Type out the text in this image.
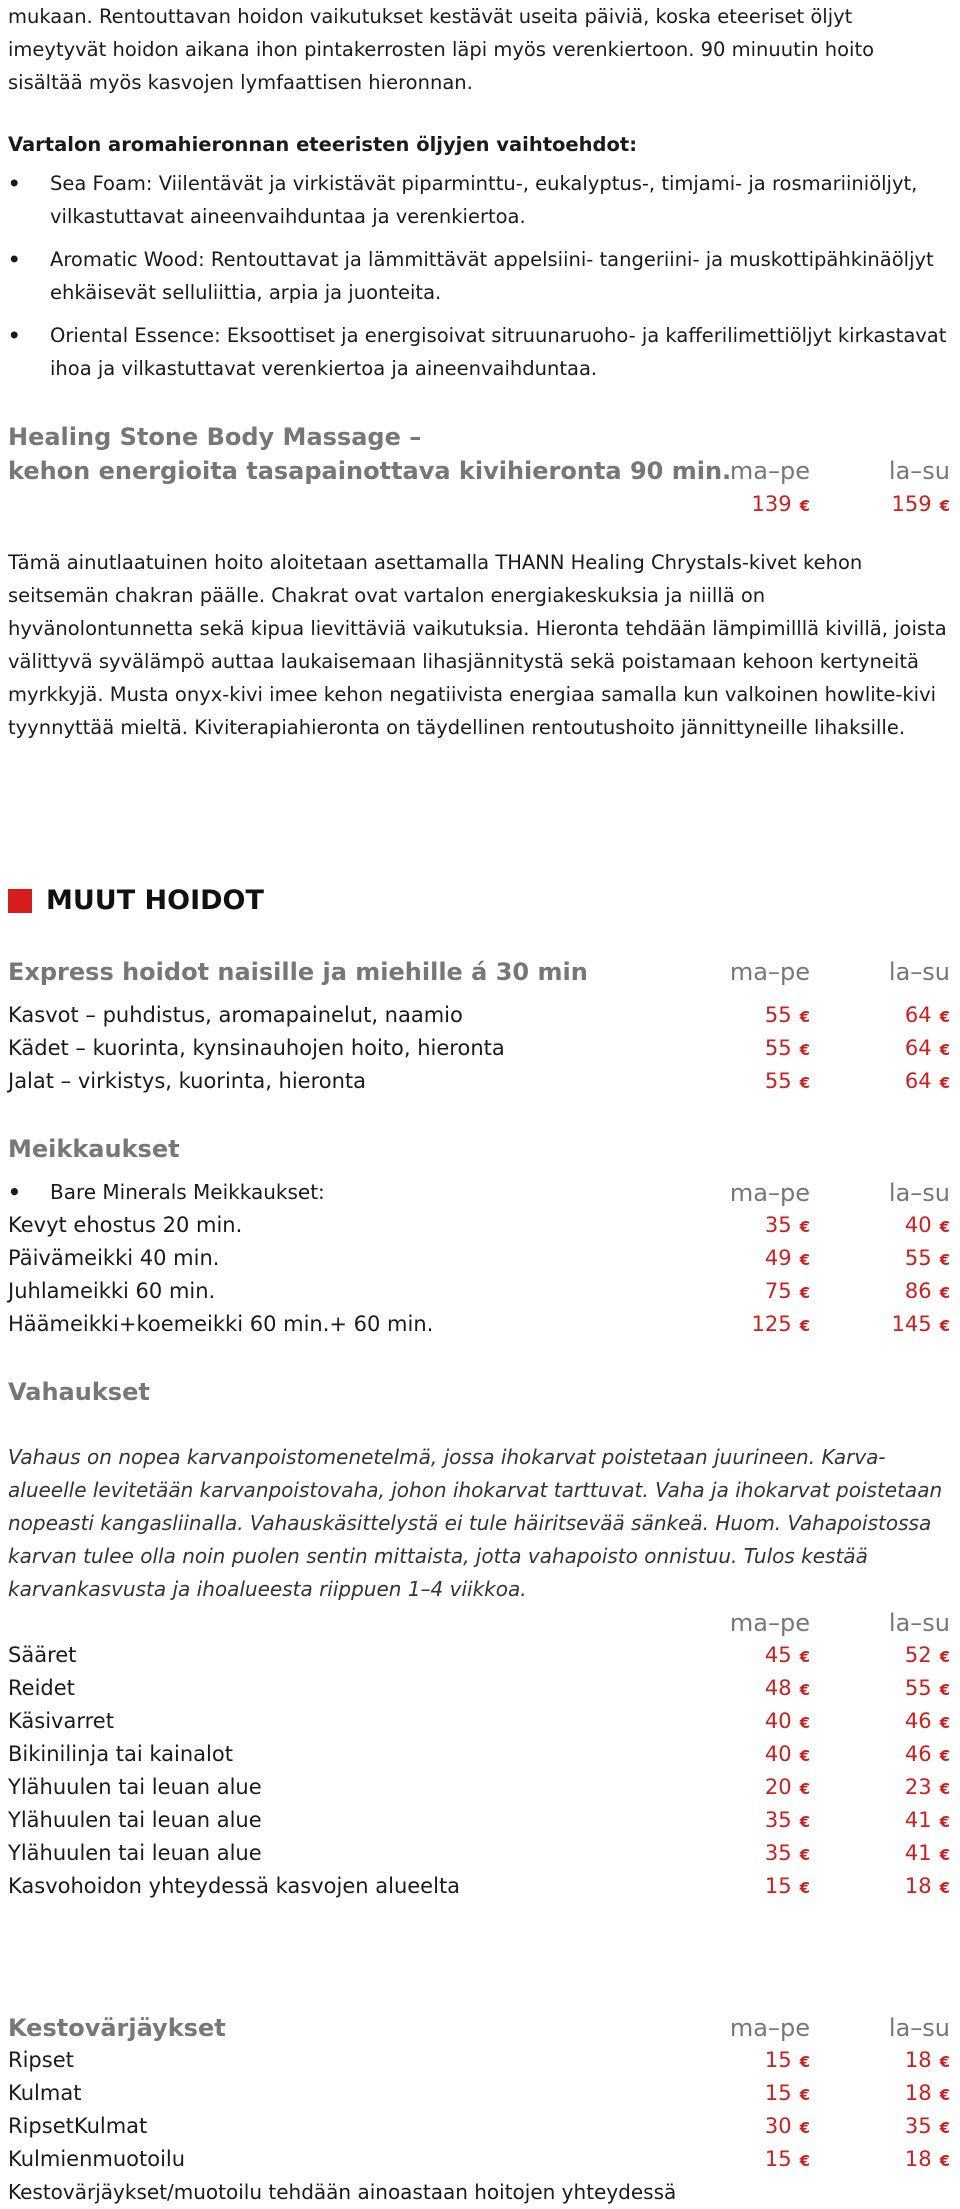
mukaan. Rentouttavan hoidon vaikutukset kestävät useita päiviä, koska eteeriset öljyt imeytyvät hoidon aikana ihon pintakerrosten läpi myös verenkiertoon. 90 minuutin hoito sisältää myös kasvojen lymfaattisen hieronnan.

Vartalon aromahieronnan eteeristen öljyjen vaihtoehdot:
• Sea Foam: Viilentävät ja virkistävät piparminttu-, eukalyptus-, timjami- ja rosmariiniöljyt, vilkastuttavat aineenvaihduntaa ja verenkiertoa.
• Aromatic Wood: Rentouttavat ja lämmittävät appelsiini- tangeriini- ja muskottipähkinäöljyt ehkäisevät selluliittia, arpia ja juonteita.
• Oriental Essence: Eksoottiset ja energisoivat sitruunaruoho- ja kafferilimettiöljyt kirkastavat ihoa ja vilkastuttavat verenkiertoa ja aineenvaihduntaa.
Healing Stone Body Massage –
kehon energioita tasapainottava kivihieronta 90 min.
ma–pe	la–su
139 €	159 €

Tämä ainutlaatuinen hoito aloitetaan asettamalla THANN Healing Chrystals-kivet kehon seitsemän chakran päälle. Chakrat ovat vartalon energiakeskuksia ja niillä on hyvänolontunnetta sekä kipua lievittäviä vaikutuksia. Hieronta tehdään lämpimilllä kivillä, joista välittyvä syvälämpö auttaa laukaisemaan lihasjännitystä sekä poistamaan kehoon kertyneitä myrkkyjä. Musta onyx-kivi imee kehon negatiivista energiaa samalla kun valkoinen howlite-kivi tyynnyttää mieltä. Kiviterapiahieronta on täydellinen rentoutushoito jännittyneille lihaksille.

MUUT HOIDOT
Express hoidot naisille ja miehille á 30 min	ma–pe	la–su
Kasvot – puhdistus, aromapainelut, naamio	55 €	64 €
Kädet – kuorinta, kynsinauhojen hoito, hieronta	55 €	64 €
Jalat – virkistys, kuorinta, hieronta	55 €	64 €
Meikkaukset
•	Bare Minerals Meikkaukset:	ma–pe	la–su
Kevyt ehostus 20 min.	35 €	40 €
Päivämeikki 40 min.	49 €	55 €
Juhlameikki 60 min.	75 €	86 €
Häämeikki+koemeikki 60 min.+ 60 min.	125 €	145 €
Vahaukset

Vahaus on nopea karvanpoistomenetelmä, jossa ihokarvat poistetaan juurineen. Karva-alueelle levitetään karvanpoistovaha, johon ihokarvat tarttuvat. Vaha ja ihokarvat poistetaan nopeasti kangasliinalla. Vahauskäsittelystä ei tule häiritsevää sänkeä. Huom. Vahapoistossa karvan tulee olla noin puolen sentin mittaista, jotta vahapoisto onnistuu. Tulos kestää karvankasvusta ja ihoalueesta riippuen 1–4 viikkoa.

ma–pe	la–su
Sääret	45 €	52 €
Reidet	48 €	55 €
Käsivarret	40 €	46 €
Bikinilinja tai kainalot	40 €	46 €
Ylähuulen tai leuan alue	20 €	23 €
Ylähuulen tai leuan alue	35 €	41 €
Ylähuulen tai leuan alue	35 €	41 €
Kasvohoidon yhteydessä kasvojen alueelta	15 €	18 €
Kestovärjäykset	ma–pe	la–su
Ripset	15 €	18 €
Kulmat	15 €	18 €
RipsetKulmat	30 €	35 €
Kulmienmuotoilu	15 €	18 €
Kestovärjäykset/muotoilu tehdään ainoastaan hoitojen yhteydessä
